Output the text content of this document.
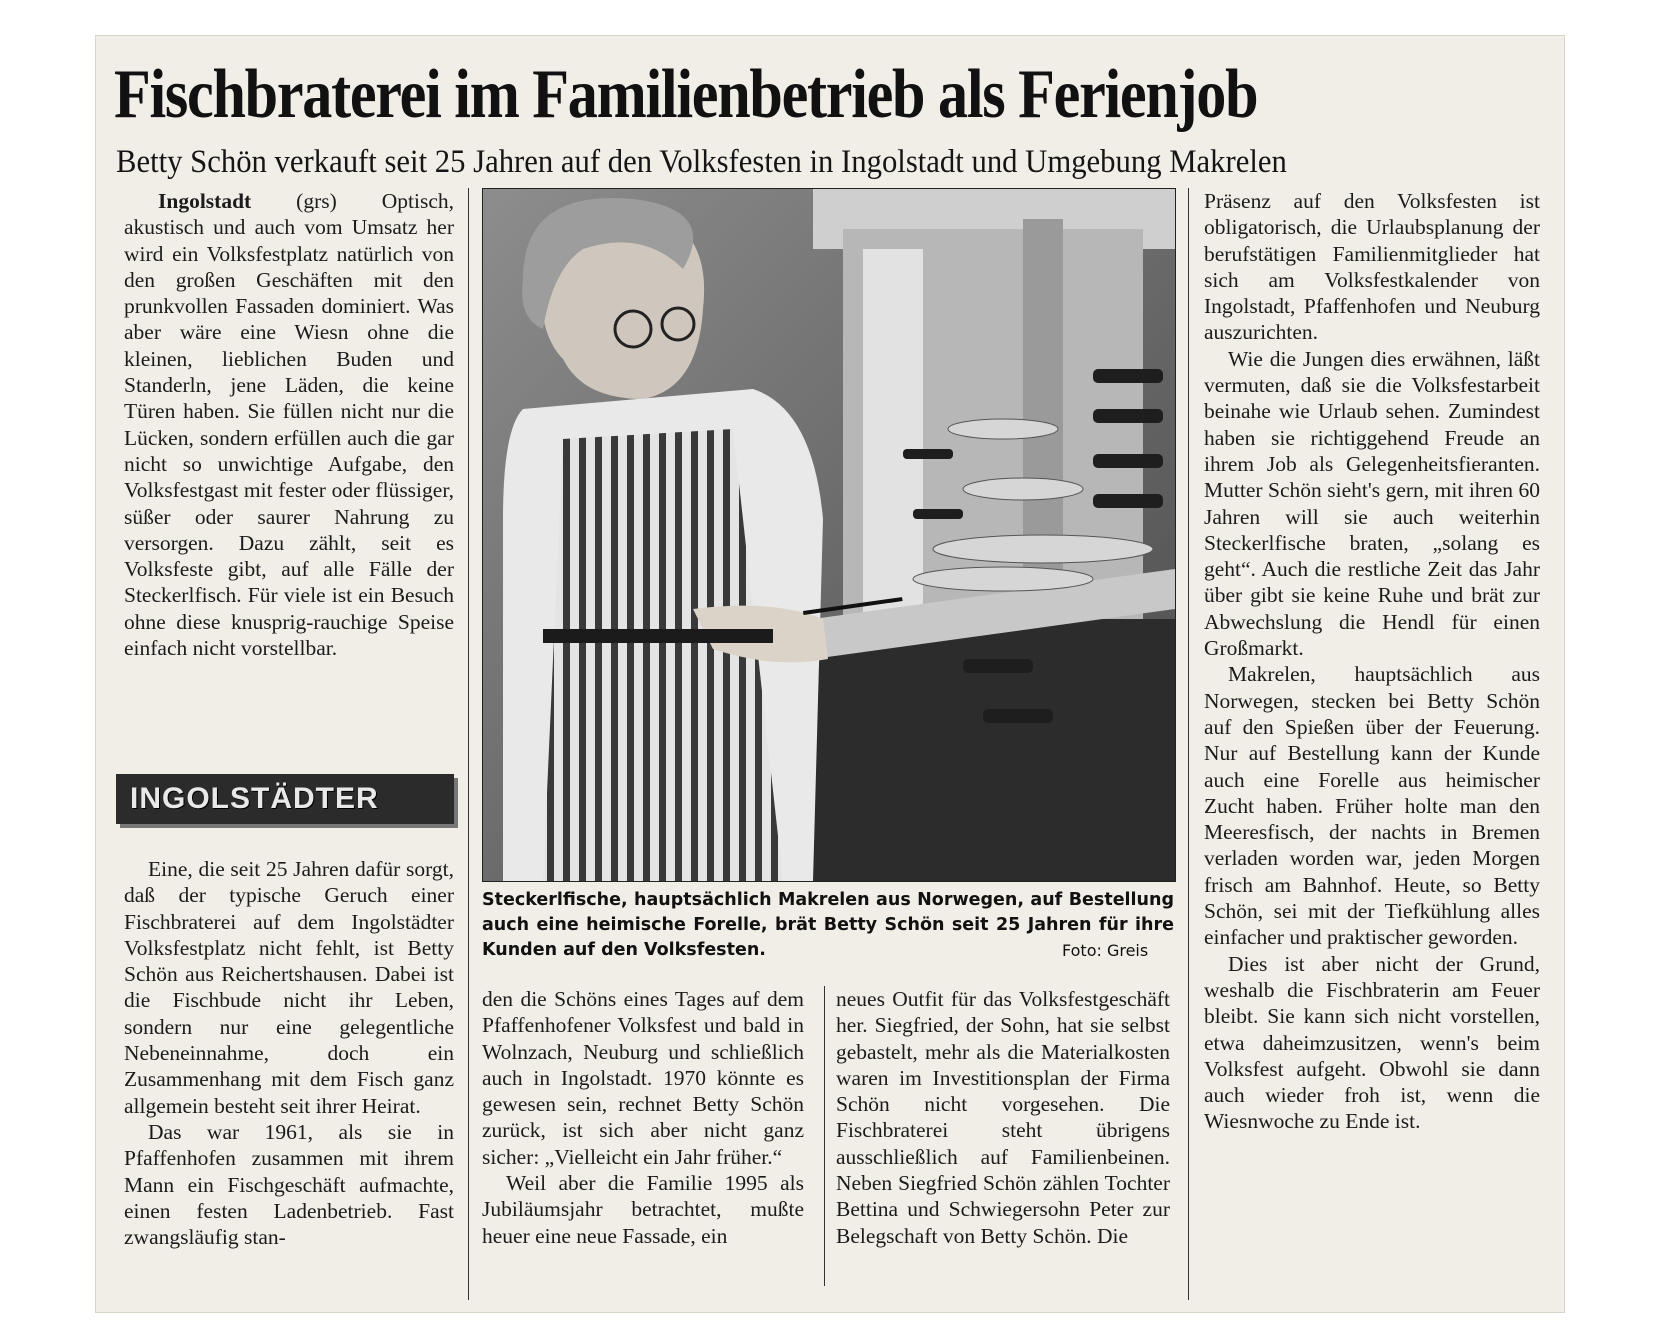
Fischbraterei im Familienbetrieb als Ferienjob
Betty Schön verkauft seit 25 Jahren auf den Volksfesten in Ingolstadt und Umgebung Makrelen

Ingolstadt (grs) Optisch, akustisch und auch vom Umsatz her wird ein Volksfestplatz natürlich von den großen Geschäften mit den prunkvollen Fassaden dominiert. Was aber wäre eine Wiesn ohne die kleinen, lieblichen Buden und Standerln, jene Läden, die keine Türen haben. Sie füllen nicht nur die Lücken, sondern erfüllen auch die gar nicht so unwichtige Aufgabe, den Volksfestgast mit fester oder flüssiger, süßer oder saurer Nahrung zu versorgen. Dazu zählt, seit es Volksfeste gibt, auf alle Fälle der Steckerlfisch. Für viele ist ein Besuch ohne diese knusprig-rauchige Speise einfach nicht vorstellbar.

INGOLSTÄDTER

Eine, die seit 25 Jahren dafür sorgt, daß der typische Geruch einer Fischbraterei auf dem Ingolstädter Volksfestplatz nicht fehlt, ist Betty Schön aus Reichertshausen. Dabei ist die Fischbude nicht ihr Leben, sondern nur eine gelegentliche Nebeneinnahme, doch ein Zusammenhang mit dem Fisch ganz allgemein besteht seit ihrer Heirat.

Das war 1961, als sie in Pfaffenhofen zusammen mit ihrem Mann ein Fischgeschäft aufmachte, einen festen Ladenbetrieb. Fast zwangsläufig stan-

Steckerlfische, hauptsächlich Makrelen aus Norwegen, auf Bestellung auch eine heimische Forelle, brät Betty Schön seit 25 Jahren für ihre Kunden auf den Volksfesten.	Foto: Greis

den die Schöns eines Tages auf dem Pfaffenhofener Volksfest und bald in Wolnzach, Neuburg und schließlich auch in Ingolstadt. 1970 könnte es gewesen sein, rechnet Betty Schön zurück, ist sich aber nicht ganz sicher: „Vielleicht ein Jahr früher.“

Weil aber die Familie 1995 als Jubiläumsjahr betrachtet, mußte heuer eine neue Fassade, ein

neues Outfit für das Volksfestgeschäft her. Siegfried, der Sohn, hat sie selbst gebastelt, mehr als die Materialkosten waren im Investitionsplan der Firma Schön nicht vorgesehen. Die Fischbraterei steht übrigens ausschließlich auf Familienbeinen. Neben Siegfried Schön zählen Tochter Bettina und Schwiegersohn Peter zur Belegschaft von Betty Schön. Die

Präsenz auf den Volksfesten ist obligatorisch, die Urlaubsplanung der berufstätigen Familienmitglieder hat sich am Volksfestkalender von Ingolstadt, Pfaffenhofen und Neuburg auszurichten.

Wie die Jungen dies erwähnen, läßt vermuten, daß sie die Volksfestarbeit beinahe wie Urlaub sehen. Zumindest haben sie richtiggehend Freude an ihrem Job als Gelegenheitsfieranten. Mutter Schön sieht's gern, mit ihren 60 Jahren will sie auch weiterhin Steckerlfische braten, „solang es geht“. Auch die restliche Zeit das Jahr über gibt sie keine Ruhe und brät zur Abwechslung die Hendl für einen Großmarkt.

Makrelen, hauptsächlich aus Norwegen, stecken bei Betty Schön auf den Spießen über der Feuerung. Nur auf Bestellung kann der Kunde auch eine Forelle aus heimischer Zucht haben. Früher holte man den Meeresfisch, der nachts in Bremen verladen worden war, jeden Morgen frisch am Bahnhof. Heute, so Betty Schön, sei mit der Tiefkühlung alles einfacher und praktischer geworden.

Dies ist aber nicht der Grund, weshalb die Fischbraterin am Feuer bleibt. Sie kann sich nicht vorstellen, etwa daheimzusitzen, wenn's beim Volksfest aufgeht. Obwohl sie dann auch wieder froh ist, wenn die Wiesnwoche zu Ende ist.
